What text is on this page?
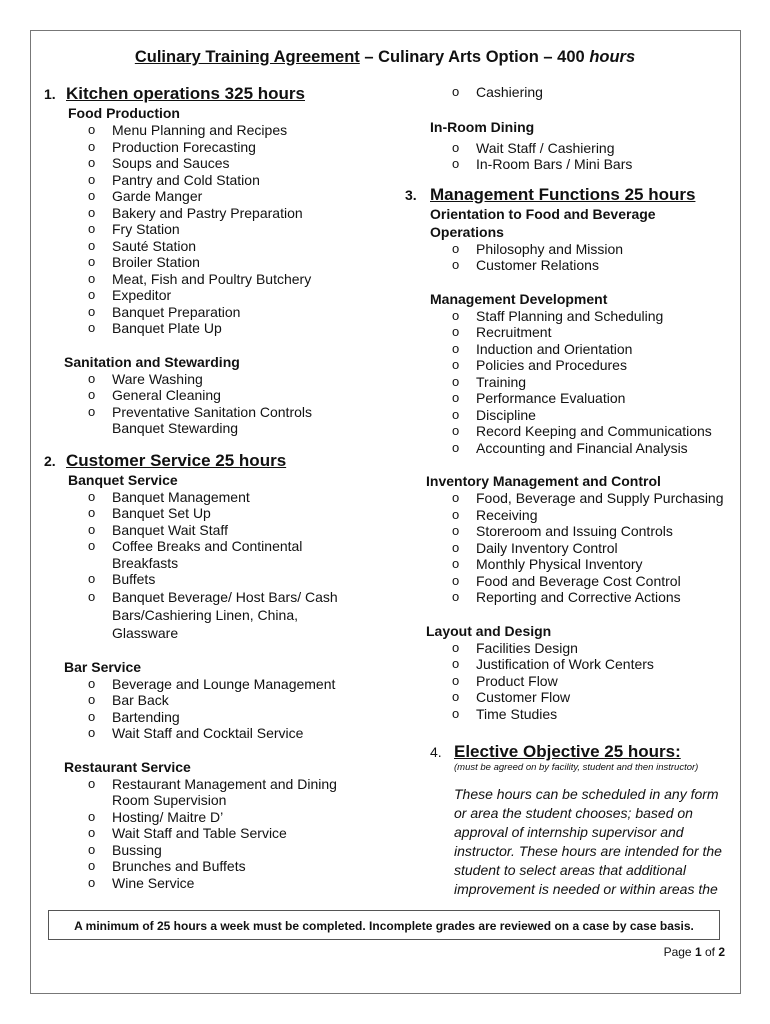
Culinary Training Agreement – Culinary Arts Option – 400 hours
1. Kitchen operations 325 hours
Food Production
o Menu Planning and Recipes
o Production Forecasting
o Soups and Sauces
o Pantry and Cold Station
o Garde Manger
o Bakery and Pastry Preparation
o Fry Station
o Sauté Station
o Broiler Station
o Meat, Fish and Poultry Butchery
o Expeditor
o Banquet Preparation
o Banquet Plate Up
Sanitation and Stewarding
o Ware Washing
o General Cleaning
o Preventative Sanitation Controls
Banquet Stewarding
2. Customer Service 25 hours
Banquet Service
o Banquet Management
o Banquet Set Up
o Banquet Wait Staff
o Coffee Breaks and Continental
Breakfasts
o Buffets
o Banquet Beverage/ Host Bars/ Cash
Bars/Cashiering Linen, China,
Glassware
Bar Service
o Beverage and Lounge Management
o Bar Back
o Bartending
o Wait Staff and Cocktail Service
Restaurant Service
o Restaurant Management and Dining
Room Supervision
o Hosting/ Maitre D’
o Wait Staff and Table Service
o Bussing
o Brunches and Buffets
o Wine Service
o Cashiering
In-Room Dining
o Wait Staff / Cashiering
o In-Room Bars / Mini Bars
3. Management Functions 25 hours
Orientation to Food and Beverage
Operations
o Philosophy and Mission
o Customer Relations
Management Development
o Staff Planning and Scheduling
o Recruitment
o Induction and Orientation
o Policies and Procedures
o Training
o Performance Evaluation
o Discipline
o Record Keeping and Communications
o Accounting and Financial Analysis
Inventory Management and Control
o Food, Beverage and Supply Purchasing
o Receiving
o Storeroom and Issuing Controls
o Daily Inventory Control
o Monthly Physical Inventory
o Food and Beverage Cost Control
o Reporting and Corrective Actions
Layout and Design
o Facilities Design
o Justification of Work Centers
o Product Flow
o Customer Flow
o Time Studies
4. Elective Objective 25 hours:
(must be agreed on by facility, student and then instructor)
These hours can be scheduled in any form or area the student chooses; based on approval of internship supervisor and instructor. These hours are intended for the student to select areas that additional improvement is needed or within areas the
A minimum of 25 hours a week must be completed. Incomplete grades are reviewed on a case by case basis.
Page 1 of 2
